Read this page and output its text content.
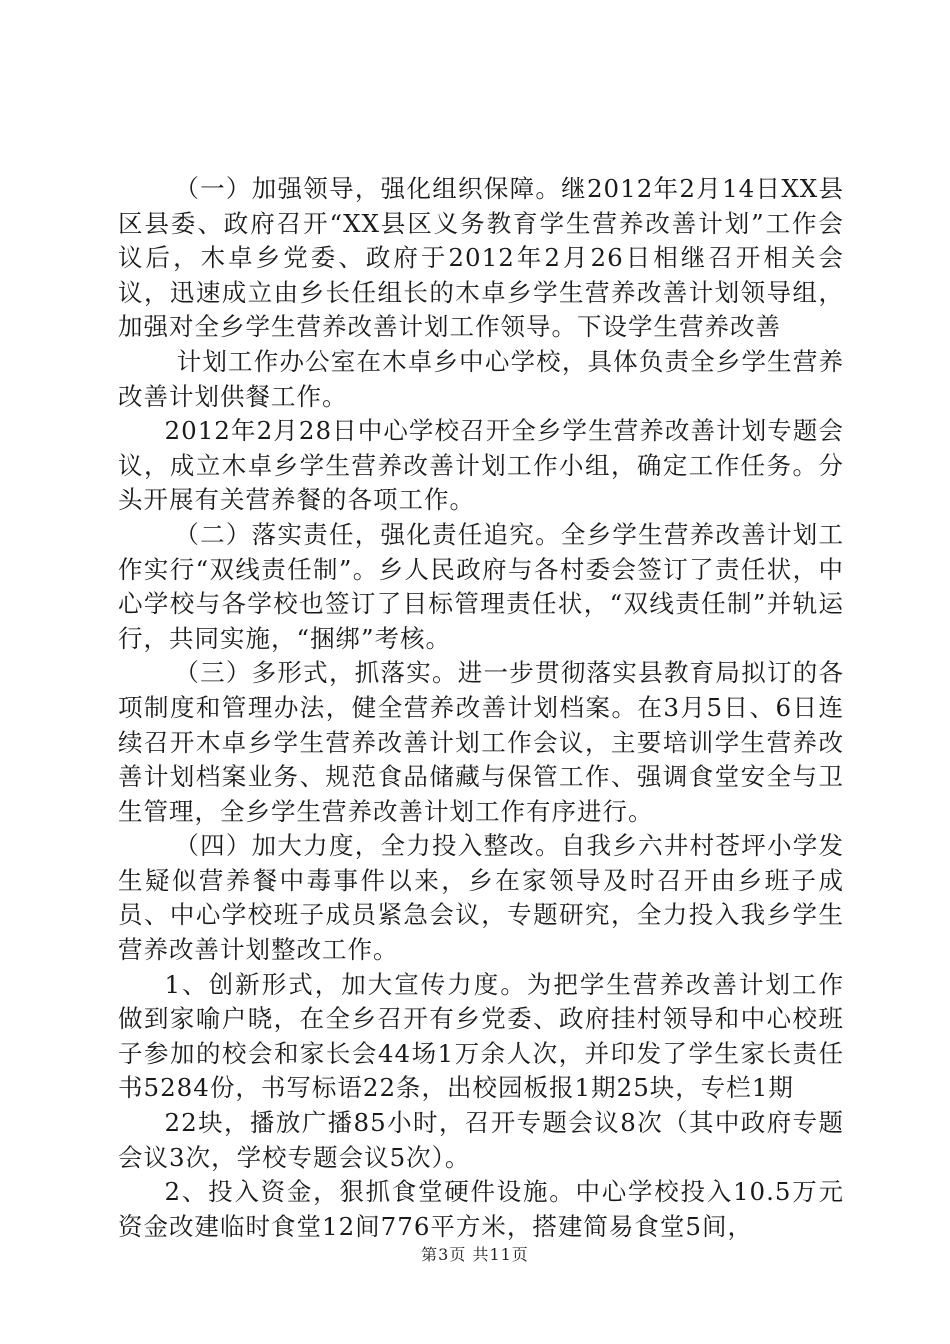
（一）加强领导，强化组织保障。继2012年2月14日XX县区县委、政府召开“XX县区义务教育学生营养改善计划”工作会议后，木卓乡党委、政府于2012年2月26日相继召开相关会议，迅速成立由乡长任组长的木卓乡学生营养改善计划领导组，加强对全乡学生营养改善计划工作领导。下设学生营养改善

计划工作办公室在木卓乡中心学校，具体负责全乡学生营养改善计划供餐工作。

2012年2月28日中心学校召开全乡学生营养改善计划专题会议，成立木卓乡学生营养改善计划工作小组，确定工作任务。分头开展有关营养餐的各项工作。

（二）落实责任，强化责任追究。全乡学生营养改善计划工作实行“双线责任制”。乡人民政府与各村委会签订了责任状，中心学校与各学校也签订了目标管理责任状，“双线责任制”并轨运行，共同实施，“捆绑”考核。

（三）多形式，抓落实。进一步贯彻落实县教育局拟订的各项制度和管理办法，健全营养改善计划档案。在3月5日、6日连续召开木卓乡学生营养改善计划工作会议，主要培训学生营养改善计划档案业务、规范食品储藏与保管工作、强调食堂安全与卫生管理，全乡学生营养改善计划工作有序进行。

（四）加大力度，全力投入整改。自我乡六井村苍坪小学发生疑似营养餐中毒事件以来，乡在家领导及时召开由乡班子成员、中心学校班子成员紧急会议，专题研究，全力投入我乡学生营养改善计划整改工作。

1、创新形式，加大宣传力度。为把学生营养改善计划工作做到家喻户晓，在全乡召开有乡党委、政府挂村领导和中心校班子参加的校会和家长会44场1万余人次，并印发了学生家长责任书5284份，书写标语22条，出校园板报1期25块，专栏1期

22块，播放广播85小时，召开专题会议8次（其中政府专题会议3次，学校专题会议5次）。

2、投入资金，狠抓食堂硬件设施。中心学校投入10.5万元资金改建临时食堂12间776平方米，搭建简易食堂5间，

第3页 共11页
